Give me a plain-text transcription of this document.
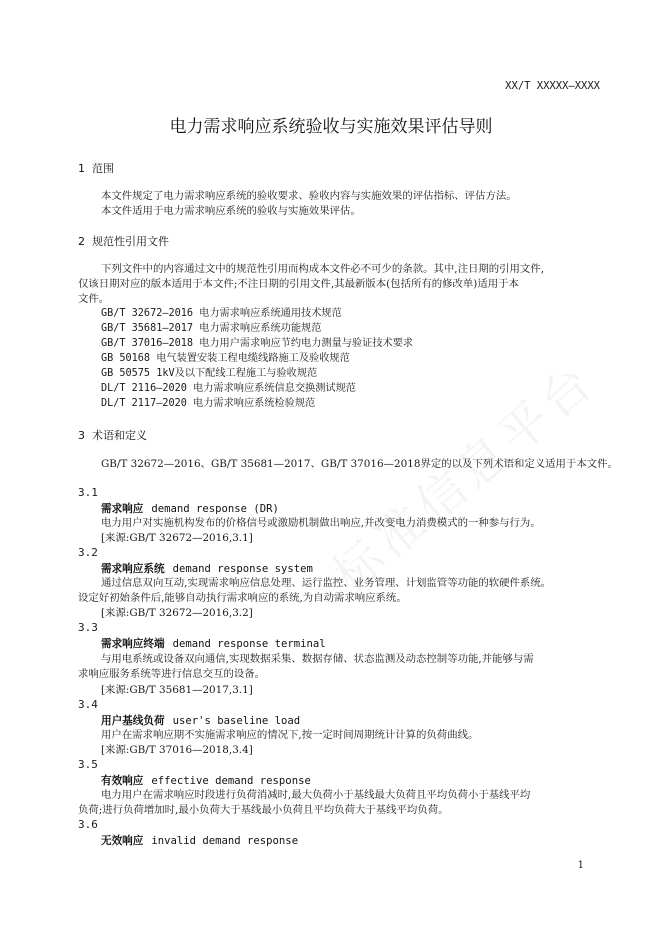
XX/T XXXXX—XXXX
电力需求响应系统验收与实施效果评估导则
1  范围
本文件规定了电力需求响应系统的验收要求、验收内容与实施效果的评估指标、评估方法。
本文件适用于电力需求响应系统的验收与实施效果评估。
2  规范性引用文件
下列文件中的内容通过文中的规范性引用而构成本文件必不可少的条款。其中,注日期的引用文件,
仅该日期对应的版本适用于本文件;不注日期的引用文件,其最新版本(包括所有的修改单)适用于本
文件。
GB/T 32672—2016 电力需求响应系统通用技术规范
GB/T 35681—2017 电力需求响应系统功能规范
GB/T 37016—2018 电力用户需求响应节约电力测量与验证技术要求
GB 50168 电气装置安装工程电缆线路施工及验收规范
GB 50575 1kV及以下配线工程施工与验收规范
DL/T 2116—2020 电力需求响应系统信息交换测试规范
DL/T 2117—2020 电力需求响应系统检验规范
3  术语和定义
GB/T 32672—2016、GB/T 35681—2017、GB/T 37016—2018界定的以及下列术语和定义适用于本文件。
3.1
需求响应 demand response (DR)
电力用户对实施机构发布的价格信号或激励机制做出响应,并改变电力消费模式的一种参与行为。
[来源:GB/T 32672—2016,3.1]
3.2
需求响应系统 demand response system
通过信息双向互动,实现需求响应信息处理、运行监控、业务管理、计划监管等功能的软硬件系统。
设定好初始条件后,能够自动执行需求响应的系统,为自动需求响应系统。
[来源:GB/T 32672—2016,3.2]
3.3
需求响应终端 demand response terminal
与用电系统或设备双向通信,实现数据采集、数据存储、状态监测及动态控制等功能,并能够与需
求响应服务系统等进行信息交互的设备。
[来源:GB/T 35681—2017,3.1]
3.4
用户基线负荷 user's baseline load
用户在需求响应期不实施需求响应的情况下,按一定时间周期统计计算的负荷曲线。
[来源:GB/T 37016—2018,3.4]
3.5
有效响应 effective demand response
电力用户在需求响应时段进行负荷消减时,最大负荷小于基线最大负荷且平均负荷小于基线平均
负荷;进行负荷增加时,最小负荷大于基线最小负荷且平均负荷大于基线平均负荷。
3.6
无效响应 invalid demand response
1
